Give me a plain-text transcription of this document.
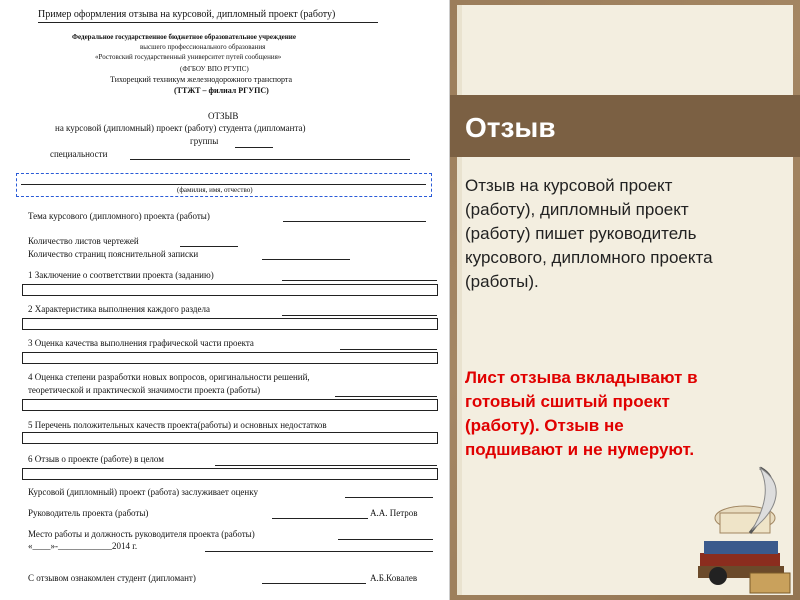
Пример оформления отзыва на курсовой, дипломный проект (работу)
Федеральное государственное бюджетное образовательное учреждение
высшего профессионального образования
«Ростовский государственный университет путей сообщения»
(ФГБОУ ВПО РГУПС)
Тихорецкий техникум железнодорожного транспорта
(ТТЖТ – филиал РГУПС)
ОТЗЫВ
на курсовой (дипломный) проект (работу) студента (дипломанта)
группы
специальности
(фамилия, имя, отчество)
Тема курсового (дипломного) проекта (работы)
Количество листов чертежей
Количество страниц пояснительной записки
1 Заключение о соответствии проекта (заданию)
2 Характеристика выполнения каждого раздела
3 Оценка качества выполнения графической части проекта
4 Оценка степени разработки новых вопросов, оригинальности решений,
теоретической и практической значимости проекта (работы)
5 Перечень положительных качеств проекта(работы) и основных недостатков
6 Отзыв о проекте (работе) в целом
Курсовой (дипломный) проект (работа) заслуживает оценку
Руководитель проекта (работы)	А.А. Петров
Место работы и должность руководителя проекта (работы)
«____»-____________2014 г.
С отзывом ознакомлен студент (дипломант)	А.Б.Ковалев
Отзыв
Отзыв на курсовой проект (работу), дипломный проект (работу) пишет руководитель курсового, дипломного проекта (работы).
Лист отзыва вкладывают в готовый сшитый проект (работу). Отзыв не подшивают и не нумеруют.
